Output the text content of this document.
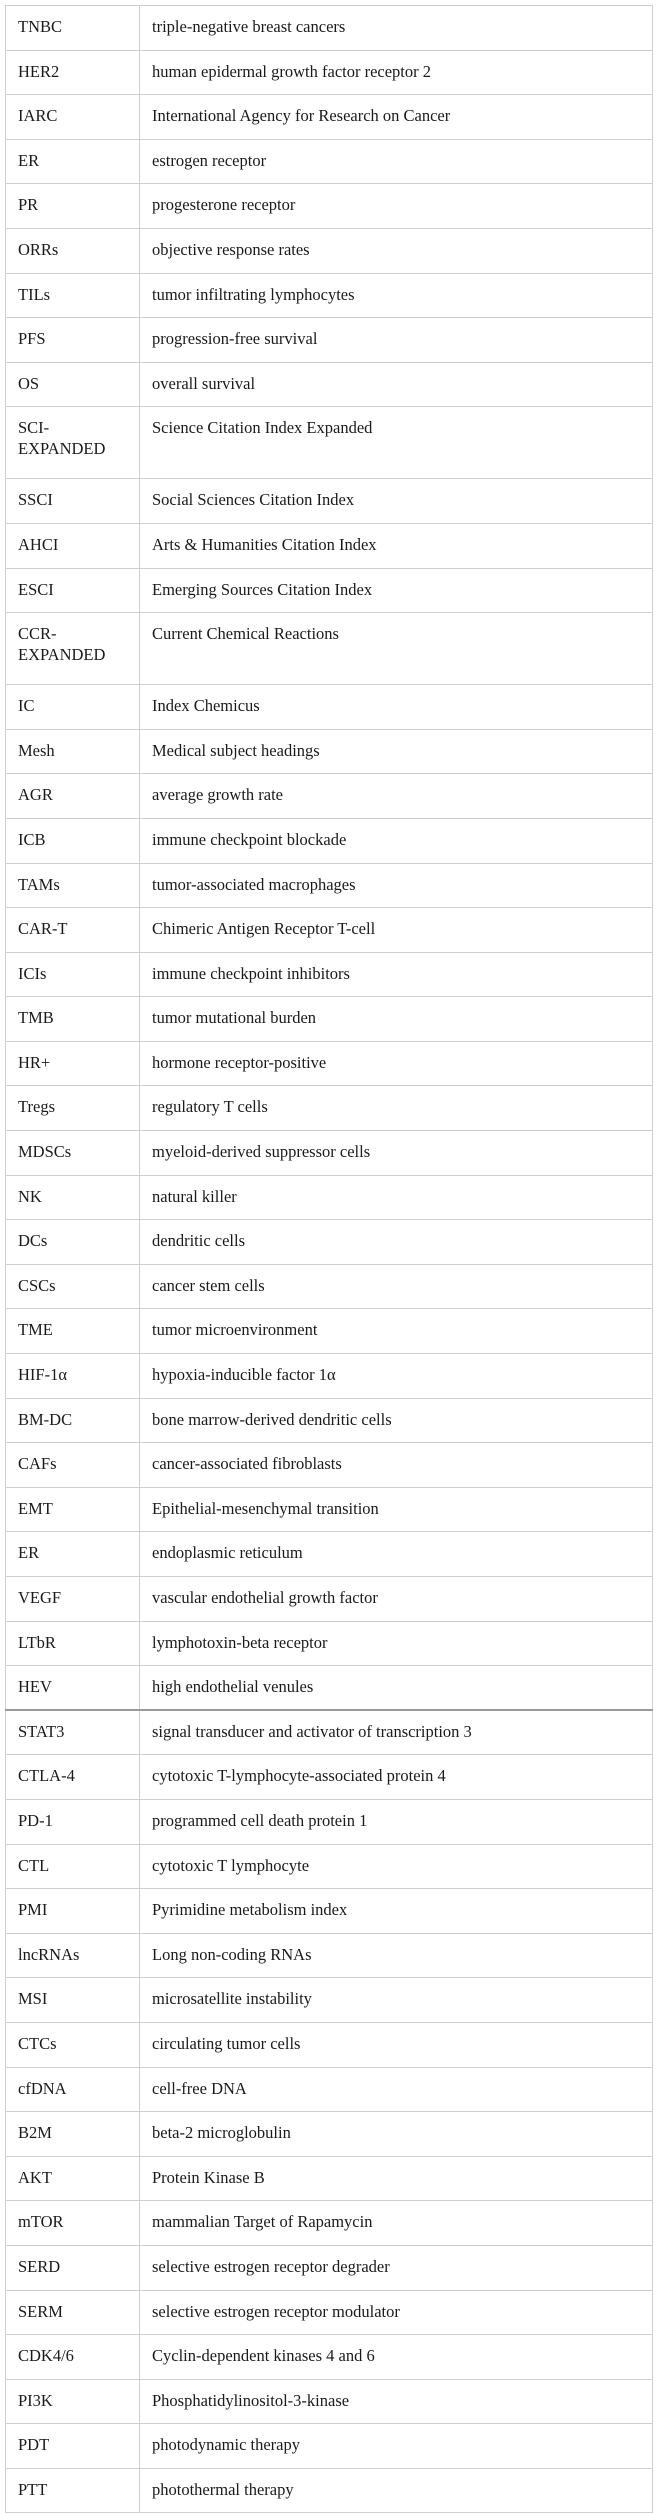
TNBC	triple-negative breast cancers
HER2	human epidermal growth factor receptor 2
IARC	International Agency for Research on Cancer
ER	estrogen receptor
PR	progesterone receptor
ORRs	objective response rates
TILs	tumor infiltrating lymphocytes
PFS	progression-free survival
OS	overall survival
SCI-EXPANDED	Science Citation Index Expanded
SSCI	Social Sciences Citation Index
AHCI	Arts & Humanities Citation Index
ESCI	Emerging Sources Citation Index
CCR-EXPANDED	Current Chemical Reactions
IC	Index Chemicus
Mesh	Medical subject headings
AGR	average growth rate
ICB	immune checkpoint blockade
TAMs	tumor-associated macrophages
CAR-T	Chimeric Antigen Receptor T-cell
ICIs	immune checkpoint inhibitors
TMB	tumor mutational burden
HR+	hormone receptor-positive
Tregs	regulatory T cells
MDSCs	myeloid-derived suppressor cells
NK	natural killer
DCs	dendritic cells
CSCs	cancer stem cells
TME	tumor microenvironment
HIF-1α	hypoxia-inducible factor 1α
BM-DC	bone marrow-derived dendritic cells
CAFs	cancer-associated fibroblasts
EMT	Epithelial-mesenchymal transition
ER	endoplasmic reticulum
VEGF	vascular endothelial growth factor
LTbR	lymphotoxin-beta receptor
HEV	high endothelial venules
STAT3	signal transducer and activator of transcription 3
CTLA-4	cytotoxic T-lymphocyte-associated protein 4
PD-1	programmed cell death protein 1
CTL	cytotoxic T lymphocyte
PMI	Pyrimidine metabolism index
lncRNAs	Long non-coding RNAs
MSI	microsatellite instability
CTCs	circulating tumor cells
cfDNA	cell-free DNA
B2M	beta-2 microglobulin
AKT	Protein Kinase B
mTOR	mammalian Target of Rapamycin
SERD	selective estrogen receptor degrader
SERM	selective estrogen receptor modulator
CDK4/6	Cyclin-dependent kinases 4 and 6
PI3K	Phosphatidylinositol-3-kinase
PDT	photodynamic therapy
PTT	photothermal therapy
